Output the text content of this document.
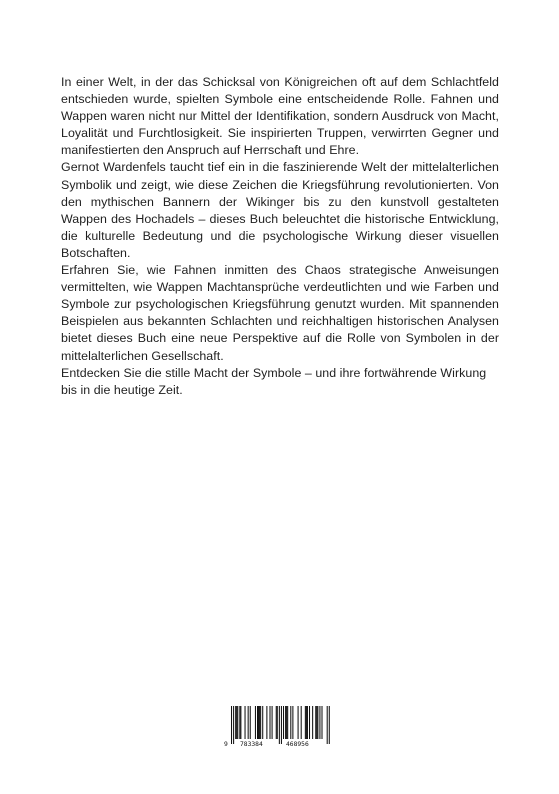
In einer Welt, in der das Schicksal von Königreichen oft auf dem Schlachtfeld entschieden wurde, spielten Symbole eine entscheidende Rolle. Fahnen und Wappen waren nicht nur Mittel der Identifikation, sondern Ausdruck von Macht, Loyalität und Furchtlosigkeit. Sie inspirierten Truppen, verwirrten Gegner und manifestierten den Anspruch auf Herrschaft und Ehre.

Gernot Wardenfels taucht tief ein in die faszinierende Welt der mittelalterlichen Symbolik und zeigt, wie diese Zeichen die Kriegsführung revolutionierten. Von den mythischen Bannern der Wikinger bis zu den kunstvoll gestalteten Wappen des Hochadels – dieses Buch beleuchtet die historische Entwicklung, die kulturelle Bedeutung und die psychologische Wirkung dieser visuellen Botschaften.

Erfahren Sie, wie Fahnen inmitten des Chaos strategische Anweisungen vermittelten, wie Wappen Machtansprüche verdeutlichten und wie Farben und Symbole zur psychologischen Kriegsführung genutzt wurden. Mit spannenden Beispielen aus bekannten Schlachten und reichhaltigen historischen Analysen bietet dieses Buch eine neue Perspektive auf die Rolle von Symbolen in der mittelalterlichen Gesellschaft.

Entdecken Sie die stille Macht der Symbole – und ihre fortwährende Wirkung bis in die heutige Zeit.

9 783384	468956
